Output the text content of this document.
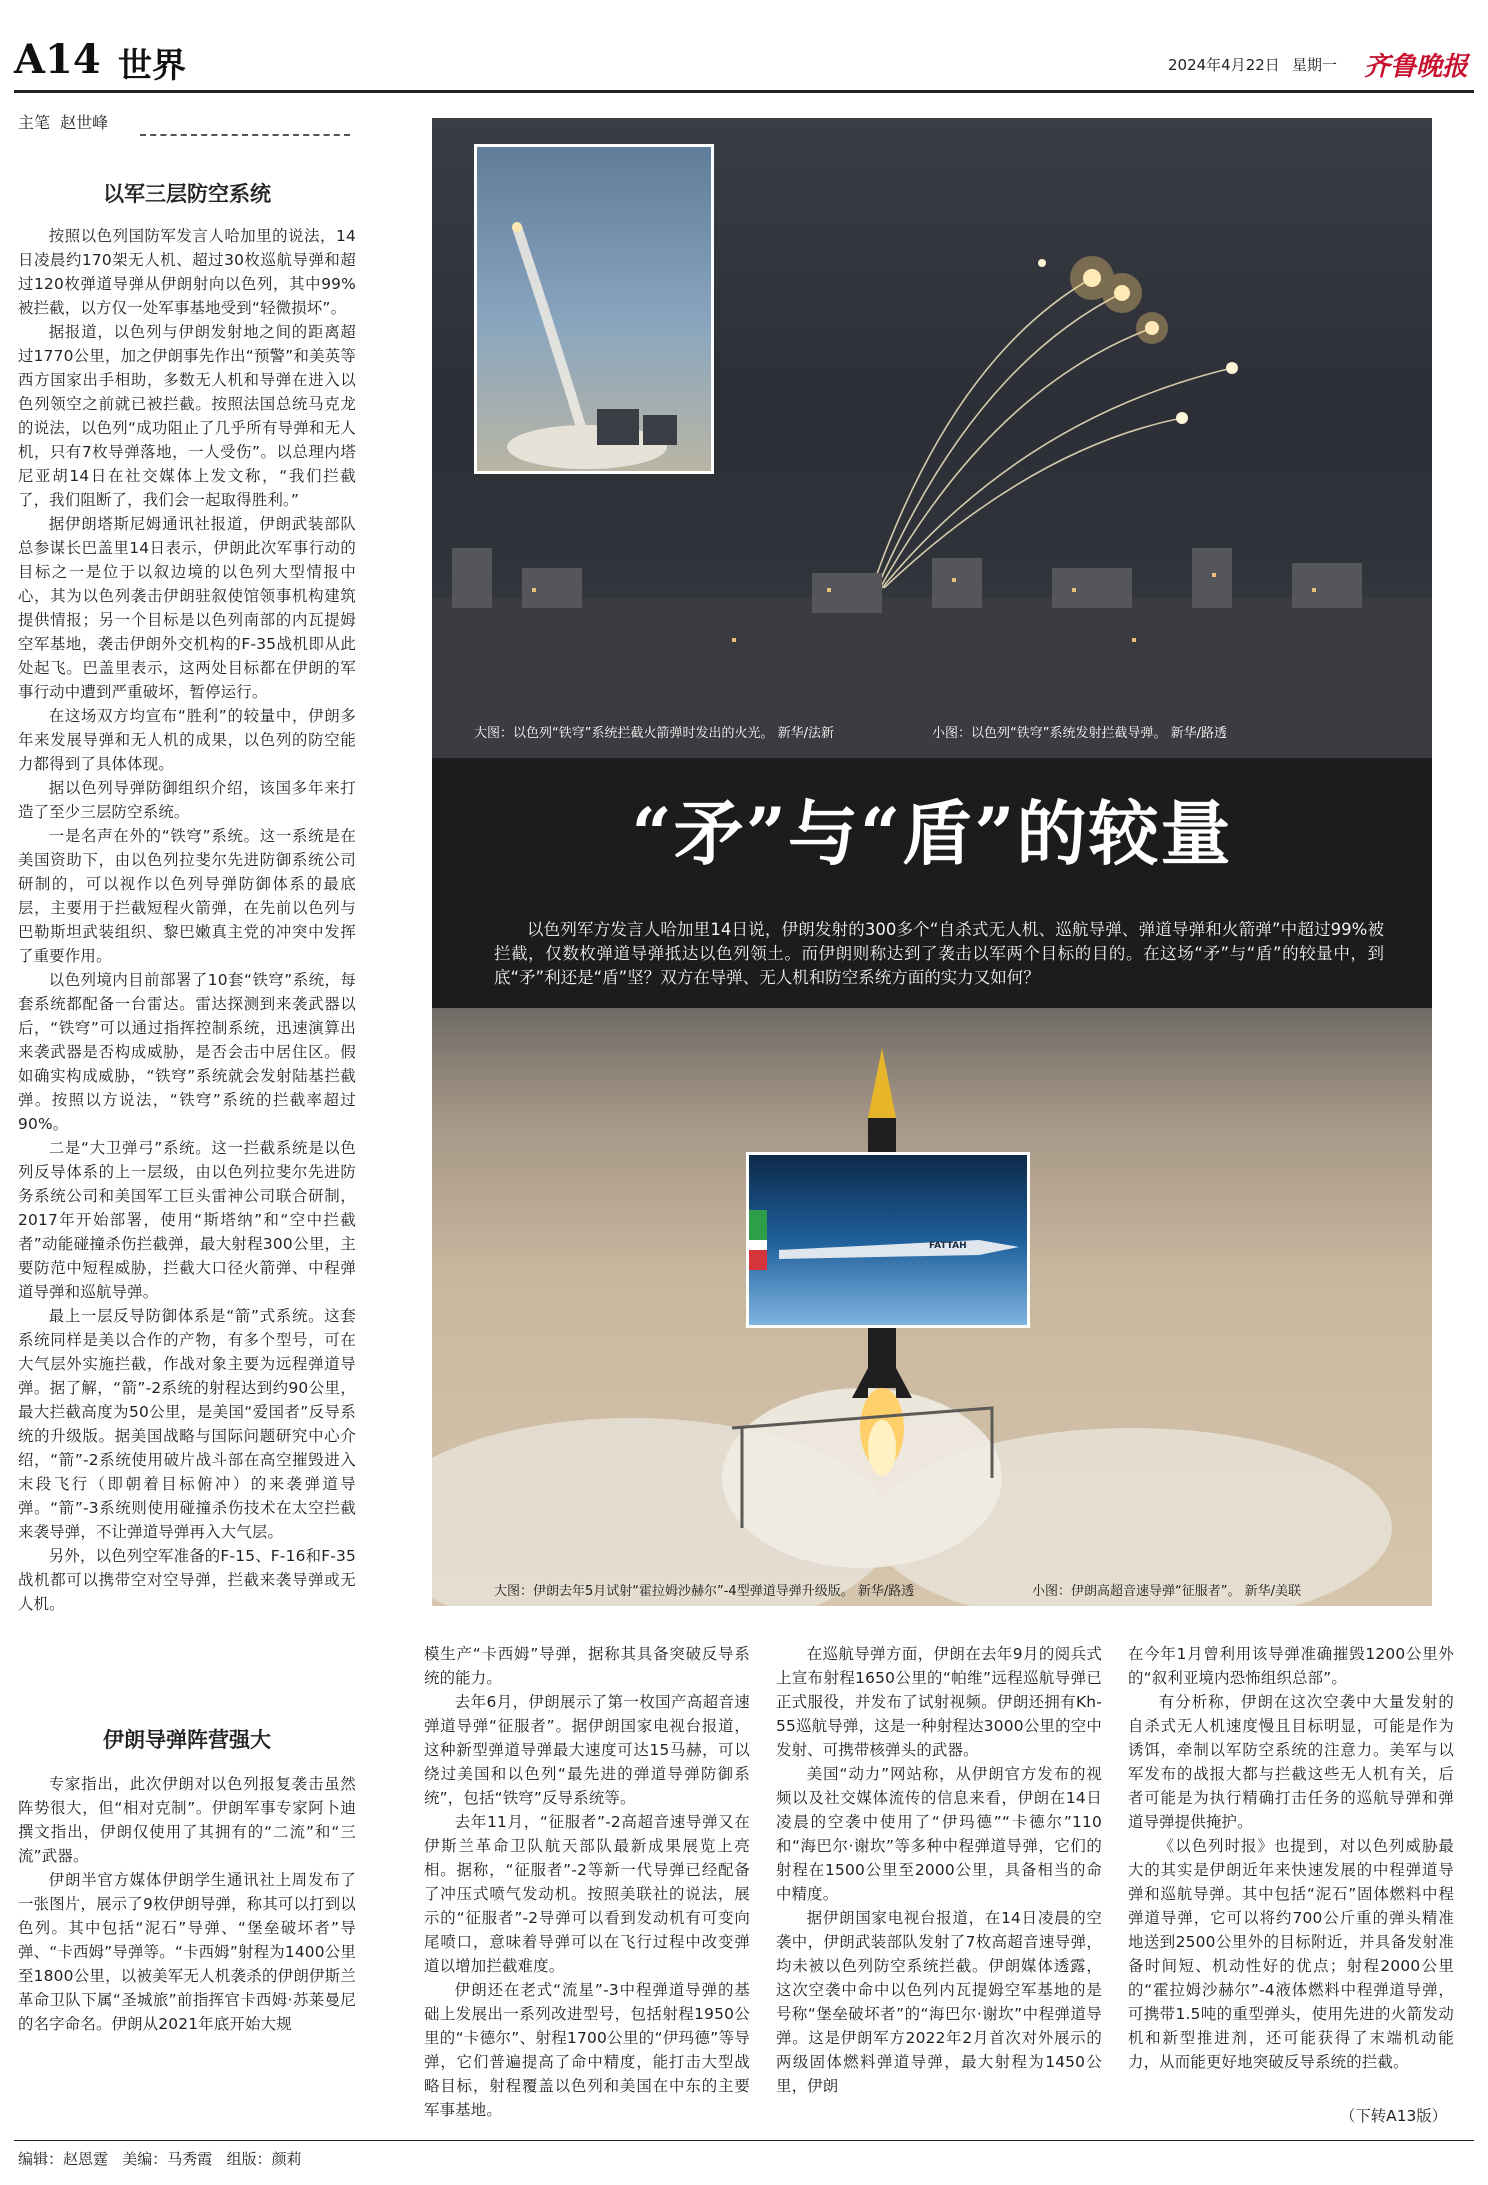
A14 世界	2024年4月22日 星期一 齐鲁晚报
主笔  赵世峰
以军三层防空系统

按照以色列国防军发言人哈加里的说法，14日凌晨约170架无人机、超过30枚巡航导弹和超过120枚弹道导弹从伊朗射向以色列，其中99%被拦截，以方仅一处军事基地受到“轻微损坏”。

据报道，以色列与伊朗发射地之间的距离超过1770公里，加之伊朗事先作出“预警”和美英等西方国家出手相助，多数无人机和导弹在进入以色列领空之前就已被拦截。按照法国总统马克龙的说法，以色列“成功阻止了几乎所有导弹和无人机，只有7枚导弹落地，一人受伤”。以总理内塔尼亚胡14日在社交媒体上发文称，“我们拦截了，我们阻断了，我们会一起取得胜利。”

据伊朗塔斯尼姆通讯社报道，伊朗武装部队总参谋长巴盖里14日表示，伊朗此次军事行动的目标之一是位于以叙边境的以色列大型情报中心，其为以色列袭击伊朗驻叙使馆领事机构建筑提供情报；另一个目标是以色列南部的内瓦提姆空军基地，袭击伊朗外交机构的F-35战机即从此处起飞。巴盖里表示，这两处目标都在伊朗的军事行动中遭到严重破坏，暂停运行。

在这场双方均宣布“胜利”的较量中，伊朗多年来发展导弹和无人机的成果，以色列的防空能力都得到了具体体现。

据以色列导弹防御组织介绍，该国多年来打造了至少三层防空系统。

一是名声在外的“铁穹”系统。这一系统是在美国资助下，由以色列拉斐尔先进防御系统公司研制的，可以视作以色列导弹防御体系的最底层，主要用于拦截短程火箭弹，在先前以色列与巴勒斯坦武装组织、黎巴嫩真主党的冲突中发挥了重要作用。

以色列境内目前部署了10套“铁穹”系统，每套系统都配备一台雷达。雷达探测到来袭武器以后，“铁穹”可以通过指挥控制系统，迅速演算出来袭武器是否构成威胁，是否会击中居住区。假如确实构成威胁，“铁穹”系统就会发射陆基拦截弹。按照以方说法，“铁穹”系统的拦截率超过90%。

二是“大卫弹弓”系统。这一拦截系统是以色列反导体系的上一层级，由以色列拉斐尔先进防务系统公司和美国军工巨头雷神公司联合研制，2017年开始部署，使用“斯塔纳”和“空中拦截者”动能碰撞杀伤拦截弹，最大射程300公里，主要防范中短程威胁，拦截大口径火箭弹、中程弹道导弹和巡航导弹。

最上一层反导防御体系是“箭”式系统。这套系统同样是美以合作的产物，有多个型号，可在大气层外实施拦截，作战对象主要为远程弹道导弹。据了解，“箭”-2系统的射程达到约90公里，最大拦截高度为50公里，是美国“爱国者”反导系统的升级版。据美国战略与国际问题研究中心介绍，“箭”-2系统使用破片战斗部在高空摧毁进入末段飞行（即朝着目标俯冲）的来袭弹道导弹。“箭”-3系统则使用碰撞杀伤技术在太空拦截来袭导弹，不让弹道导弹再入大气层。

另外，以色列空军准备的F-15、F-16和F-35战机都可以携带空对空导弹，拦截来袭导弹或无人机。

伊朗导弹阵营强大

专家指出，此次伊朗对以色列报复袭击虽然阵势很大，但“相对克制”。伊朗军事专家阿卜迪撰文指出，伊朗仅使用了其拥有的“二流”和“三流”武器。

伊朗半官方媒体伊朗学生通讯社上周发布了一张图片，展示了9枚伊朗导弹，称其可以打到以色列。其中包括“泥石”导弹、“堡垒破坏者”导弹、“卡西姆”导弹等。“卡西姆”射程为1400公里至1800公里，以被美军无人机袭杀的伊朗伊斯兰革命卫队下属“圣城旅”前指挥官卡西姆·苏莱曼尼的名字命名。伊朗从2021年底开始大规

大图：以色列“铁穹”系统拦截火箭弹时发出的火光。 新华/法新	小图：以色列“铁穹”系统发射拦截导弹。 新华/路透
“矛”与“盾”的较量
以色列军方发言人哈加里14日说，伊朗发射的300多个“自杀式无人机、巡航导弹、弹道导弹和火箭弹”中超过99%被拦截，仅数枚弹道导弹抵达以色列领土。而伊朗则称达到了袭击以军两个目标的目的。在这场“矛”与“盾”的较量中，到底“矛”利还是“盾”坚？双方在导弹、无人机和防空系统方面的实力又如何？
FATTAH
大图：伊朗去年5月试射“霍拉姆沙赫尔”-4型弹道导弹升级版。 新华/路透	小图：伊朗高超音速导弹“征服者”。 新华/美联

模生产“卡西姆”导弹，据称其具备突破反导系统的能力。

去年6月，伊朗展示了第一枚国产高超音速弹道导弹“征服者”。据伊朗国家电视台报道，这种新型弹道导弹最大速度可达15马赫，可以绕过美国和以色列“最先进的弹道导弹防御系统”，包括“铁穹”反导系统等。

去年11月，“征服者”-2高超音速导弹又在伊斯兰革命卫队航天部队最新成果展览上亮相。据称，“征服者”-2等新一代导弹已经配备了冲压式喷气发动机。按照美联社的说法，展示的“征服者”-2导弹可以看到发动机有可变向尾喷口，意味着导弹可以在飞行过程中改变弹道以增加拦截难度。

伊朗还在老式“流星”-3中程弹道导弹的基础上发展出一系列改进型号，包括射程1950公里的“卡德尔”、射程1700公里的“伊玛德”等导弹，它们普遍提高了命中精度，能打击大型战略目标，射程覆盖以色列和美国在中东的主要军事基地。

在巡航导弹方面，伊朗在去年9月的阅兵式上宣布射程1650公里的“帕维”远程巡航导弹已正式服役，并发布了试射视频。伊朗还拥有Kh-55巡航导弹，这是一种射程达3000公里的空中发射、可携带核弹头的武器。

美国“动力”网站称，从伊朗官方发布的视频以及社交媒体流传的信息来看，伊朗在14日凌晨的空袭中使用了“伊玛德”“卡德尔”110和“海巴尔·谢坎”等多种中程弹道导弹，它们的射程在1500公里至2000公里，具备相当的命中精度。

据伊朗国家电视台报道，在14日凌晨的空袭中，伊朗武装部队发射了7枚高超音速导弹，均未被以色列防空系统拦截。伊朗媒体透露，这次空袭中命中以色列内瓦提姆空军基地的是号称“堡垒破坏者”的“海巴尔·谢坎”中程弹道导弹。这是伊朗军方2022年2月首次对外展示的两级固体燃料弹道导弹，最大射程为1450公里，伊朗

在今年1月曾利用该导弹准确摧毁1200公里外的“叙利亚境内恐怖组织总部”。

有分析称，伊朗在这次空袭中大量发射的自杀式无人机速度慢且目标明显，可能是作为诱饵，牵制以军防空系统的注意力。美军与以军发布的战报大都与拦截这些无人机有关，后者可能是为执行精确打击任务的巡航导弹和弹道导弹提供掩护。

《以色列时报》也提到，对以色列威胁最大的其实是伊朗近年来快速发展的中程弹道导弹和巡航导弹。其中包括“泥石”固体燃料中程弹道导弹，它可以将约700公斤重的弹头精准地送到2500公里外的目标附近，并具备发射准备时间短、机动性好的优点；射程2000公里的“霍拉姆沙赫尔”-4液体燃料中程弹道导弹，可携带1.5吨的重型弹头，使用先进的火箭发动机和新型推进剂，还可能获得了末端机动能力，从而能更好地突破反导系统的拦截。

（下转A13版）
编辑：赵恩霆   美编：马秀霞   组版：颜莉
